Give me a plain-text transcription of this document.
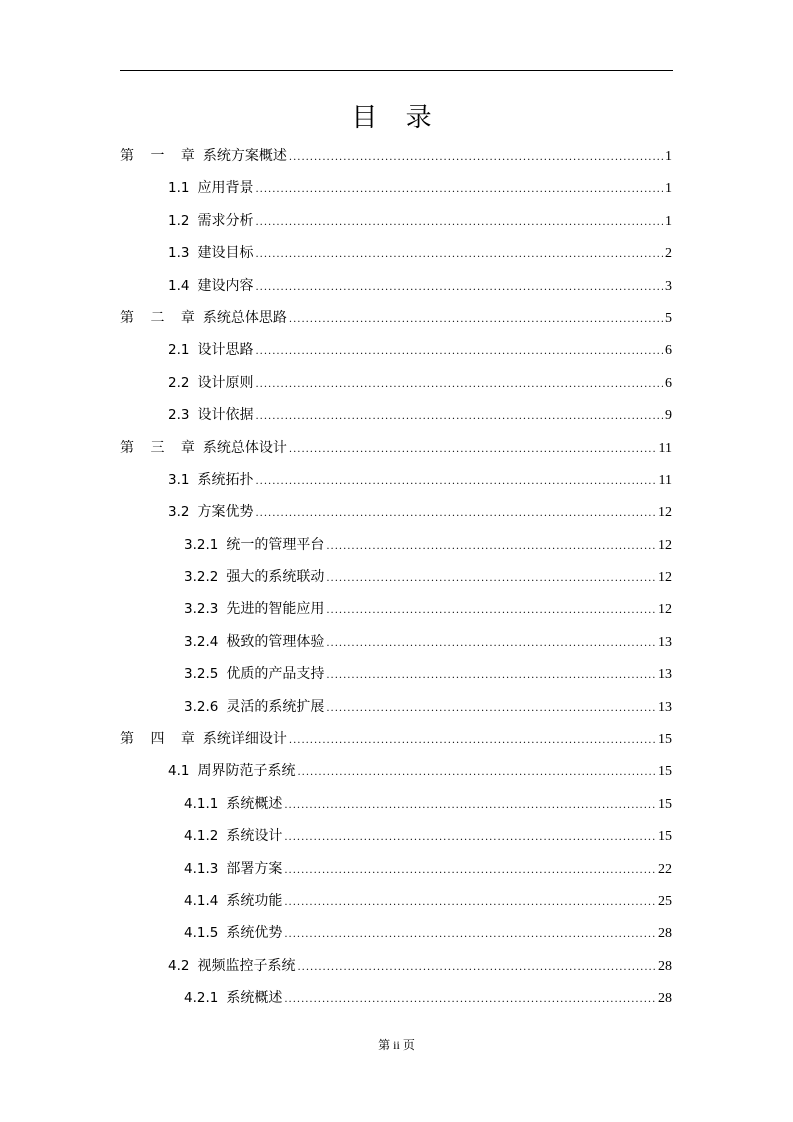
目 录
第 一 章 系统方案概述 .....	1
1.1 应用背景 .....	1
1.2 需求分析 .....	1
1.3 建设目标 .....	2
1.4 建设内容 .....	3
第 二 章 系统总体思路 .....	5
2.1 设计思路 .....	6
2.2 设计原则 .....	6
2.3 设计依据 .....	9
第 三 章 系统总体设计 .....	11
3.1 系统拓扑 .....	11
3.2 方案优势 .....	12
3.2.1 统一的管理平台 .....	12
3.2.2 强大的系统联动 .....	12
3.2.3 先进的智能应用 .....	12
3.2.4 极致的管理体验 .....	13
3.2.5 优质的产品支持 .....	13
3.2.6 灵活的系统扩展 .....	13
第 四 章 系统详细设计 .....	15
4.1 周界防范子系统 .....	15
4.1.1 系统概述 .....	15
4.1.2 系统设计 .....	15
4.1.3 部署方案 .....	22
4.1.4 系统功能 .....	25
4.1.5 系统优势 .....	28
4.2 视频监控子系统 .....	28
4.2.1 系统概述 .....	28
第 ii 页
